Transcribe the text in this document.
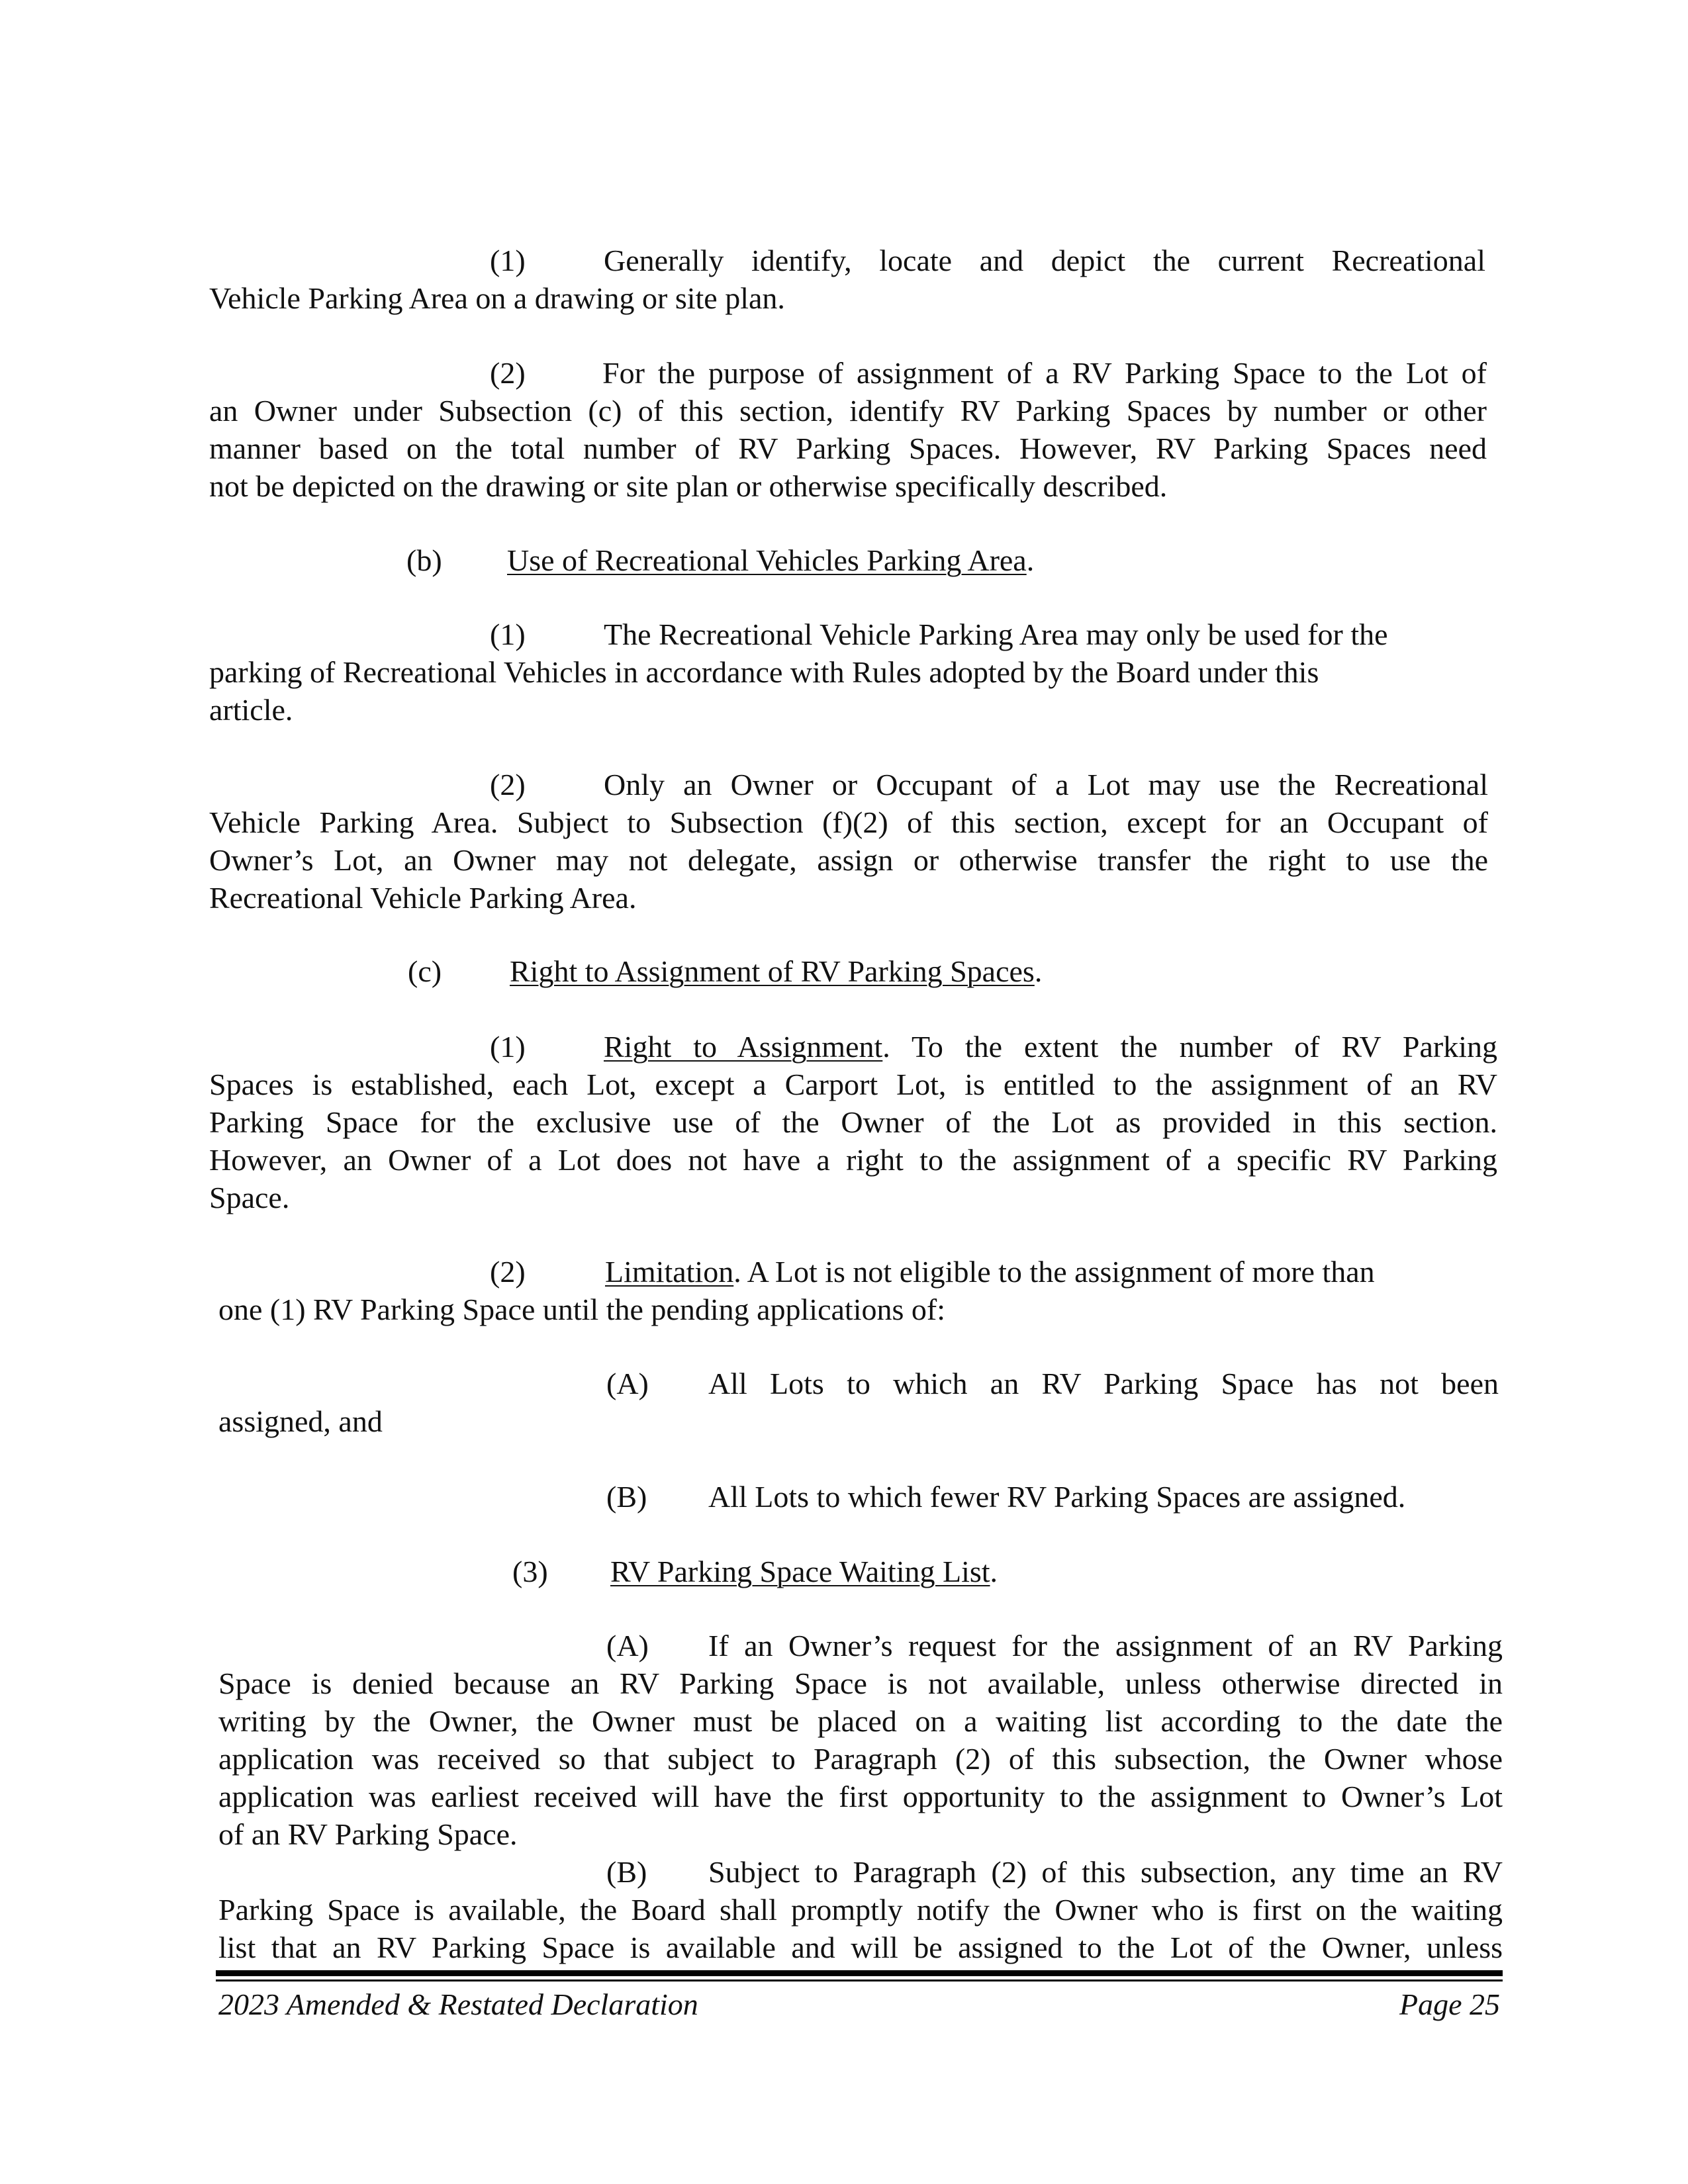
(1)	Generally identify, locate and depict the current Recreational
Vehicle Parking Area on a drawing or site plan.
(2)	For the purpose of assignment of a RV Parking Space to the Lot of
an Owner under Subsection (c) of this section, identify RV Parking Spaces by number or other
manner based on the total number of RV Parking Spaces. However, RV Parking Spaces need
not be depicted on the drawing or site plan or otherwise specifically described.
(b) Use of Recreational Vehicles Parking Area.
(1)	The Recreational Vehicle Parking Area may only be used for the
parking of Recreational Vehicles in accordance with Rules adopted by the Board under this
article.
(2)	Only an Owner or Occupant of a Lot may use the Recreational
Vehicle Parking Area. Subject to Subsection (f)(2) of this section, except for an Occupant of
Owner’s Lot, an Owner may not delegate, assign or otherwise transfer the right to use the
Recreational Vehicle Parking Area.
(c) Right to Assignment of RV Parking Spaces.
(1)	Right to Assignment. To the extent the number of RV Parking
Spaces is established, each Lot, except a Carport Lot, is entitled to the assignment of an RV
Parking Space for the exclusive use of the Owner of the Lot as provided in this section.
However, an Owner of a Lot does not have a right to the assignment of a specific RV Parking
Space.
(2)	Limitation. A Lot is not eligible to the assignment of more than
one (1) RV Parking Space until the pending applications of:
(A) All Lots to which an RV Parking Space has not been
assigned, and
(B) All Lots to which fewer RV Parking Spaces are assigned.
(3) RV Parking Space Waiting List.
(A) If an Owner’s request for the assignment of an RV Parking
Space is denied because an RV Parking Space is not available, unless otherwise directed in
writing by the Owner, the Owner must be placed on a waiting list according to the date the
application was received so that subject to Paragraph (2) of this subsection, the Owner whose
application was earliest received will have the first opportunity to the assignment to Owner’s Lot
of an RV Parking Space.
(B) Subject to Paragraph (2) of this subsection, any time an RV
Parking Space is available, the Board shall promptly notify the Owner who is first on the waiting
list that an RV Parking Space is available and will be assigned to the Lot of the Owner, unless
2023 Amended & Restated Declaration	Page 25
